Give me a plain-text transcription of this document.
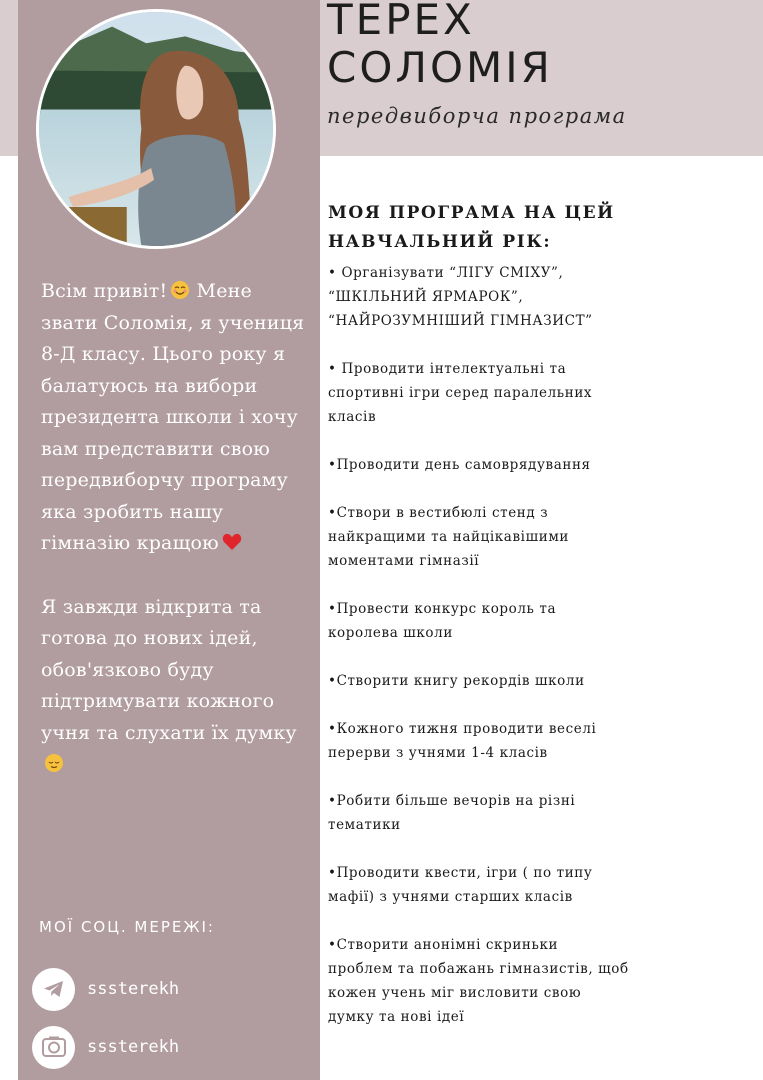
Всім привіт! Мене звати Соломія, я учениця 8-Д класу. Цього року я балатуюсь на вибори президента школи і хочу вам представити свою передвиборчу програму яка зробить нашу гімназію кращою

Я завжди відкрита та готова до нових ідей, обов'язково буду підтримувати кожного учня та слухати їх думку

МОЇ СОЦ. МЕРЕЖІ:
sssterekh
sssterekh
ТЕРЕХ
СОЛОМІЯ
передвиборча програма
МОЯ ПРОГРАМА НА ЦЕЙ
НАВЧАЛЬНИЙ РІК:
• Організувати “ЛІГУ СМІХУ”,
“ШКІЛЬНИЙ ЯРМАРОК”,
“НАЙРОЗУМНІШИЙ ГІМНАЗИСТ”
• Проводити інтелектуальні та
спортивні ігри серед паралельних
класів
•Проводити день самоврядування
•Створи в вестибюлі стенд з
найкращими та найцікавішими
моментами гімназії
•Провести конкурс король та
королева школи
•Створити книгу рекордів школи
•Кожного тижня проводити веселі
перерви з учнями 1-4 класів
•Робити більше вечорів на різні
тематики
•Проводити квести, ігри ( по типу
мафії) з учнями старших класів
•Створити анонімні скриньки
проблем та побажань гімназистів, щоб
кожен учень міг висловити свою
думку та нові ідеї
